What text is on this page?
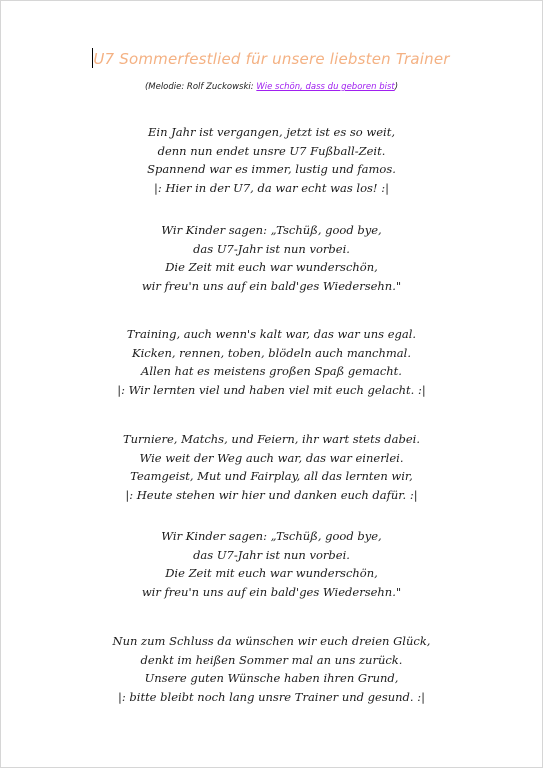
U7 Sommerfestlied für unsere liebsten Trainer
(Melodie: Rolf Zuckowski: Wie schön, dass du geboren bist)
Ein Jahr ist vergangen, jetzt ist es so weit,
denn nun endet unsre U7 Fußball-Zeit.
Spannend war es immer, lustig und famos.
|: Hier in der U7, da war echt was los! :|
Wir Kinder sagen: „Tschüß, good bye,
das U7-Jahr ist nun vorbei.
Die Zeit mit euch war wunderschön,
wir freu'n uns auf ein bald'ges Wiedersehn."
Training, auch wenn's kalt war, das war uns egal.
Kicken, rennen, toben, blödeln auch manchmal.
Allen hat es meistens großen Spaß gemacht.
|: Wir lernten viel und haben viel mit euch gelacht. :|
Turniere, Matchs, und Feiern, ihr wart stets dabei.
Wie weit der Weg auch war, das war einerlei.
Teamgeist, Mut und Fairplay, all das lernten wir,
|: Heute stehen wir hier und danken euch dafür. :|
Wir Kinder sagen: „Tschüß, good bye,
das U7-Jahr ist nun vorbei.
Die Zeit mit euch war wunderschön,
wir freu'n uns auf ein bald'ges Wiedersehn."
Nun zum Schluss da wünschen wir euch dreien Glück,
denkt im heißen Sommer mal an uns zurück.
Unsere guten Wünsche haben ihren Grund,
|: bitte bleibt noch lang unsre Trainer und gesund. :|
